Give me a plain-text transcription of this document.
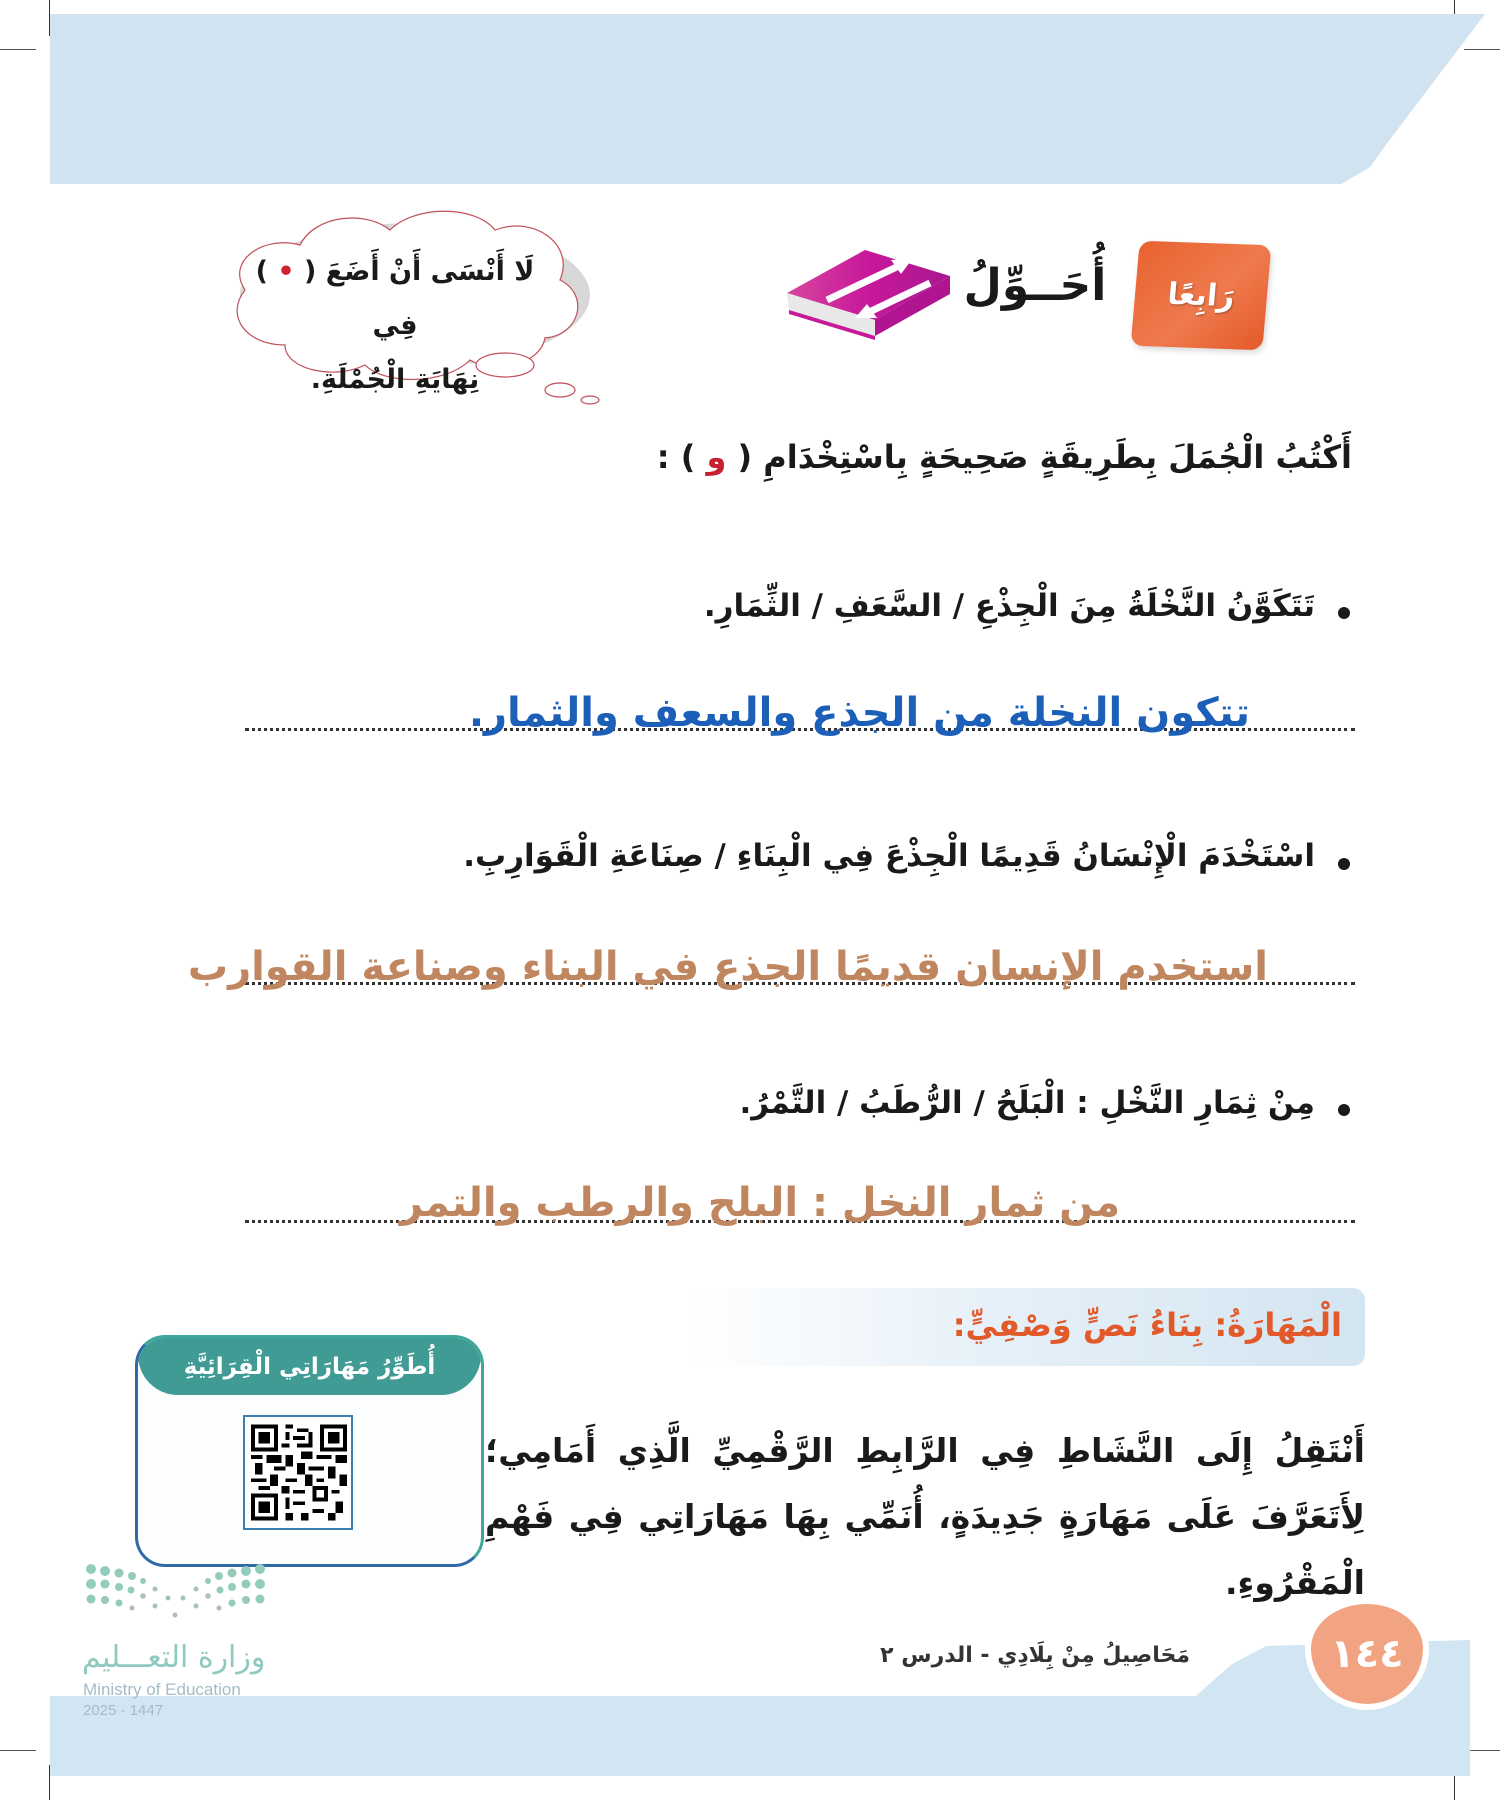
رَابِعًا
أُحَــوِّلُ
لَا أَنْسَى أَنْ أَضَعَ ( • ) فِي
نِهَايَةِ الْجُمْلَةِ.
أَكْتُبُ الْجُمَلَ بِطَرِيقَةٍ صَحِيحَةٍ بِاسْتِخْدَامِ ( و ) :
تَتَكَوَّنُ النَّخْلَةُ مِنَ الْجِذْعِ / السَّعَفِ / الثِّمَارِ.
تتكون النخلة من الجذع والسعف والثمار.
اسْتَخْدَمَ الْإِنْسَانُ قَدِيمًا الْجِذْعَ فِي الْبِنَاءِ / صِنَاعَةِ الْقَوَارِبِ.
استخدم الإنسان قديمًا الجذع في البناء وصناعة القوارب
مِنْ ثِمَارِ النَّخْلِ : الْبَلَحُ / الرُّطَبُ / التَّمْرُ.
من ثمار النخل : البلح والرطب والتمر
الْمَهَارَةُ: بِنَاءُ نَصٍّ وَصْفِيٍّ:
أَنْتَقِلُ إِلَى النَّشَاطِ فِي الرَّابِطِ الرَّقْمِيِّ الَّذِي أَمَامِي؛ لِأَتَعَرَّفَ عَلَى مَهَارَةٍ جَدِيدَةٍ، أُنَمِّي بِهَا مَهَارَاتِي فِي فَهْمِ الْمَقْرُوءِ.
أُطَوِّرُ مَهَارَاتِي الْقِرَائِيَّةِ
وزارة التعـــليم
Ministry of Education
2025 - 1447
مَحَاصِيلُ مِنْ بِلَادِي - الدرس ٢	١٤٤
